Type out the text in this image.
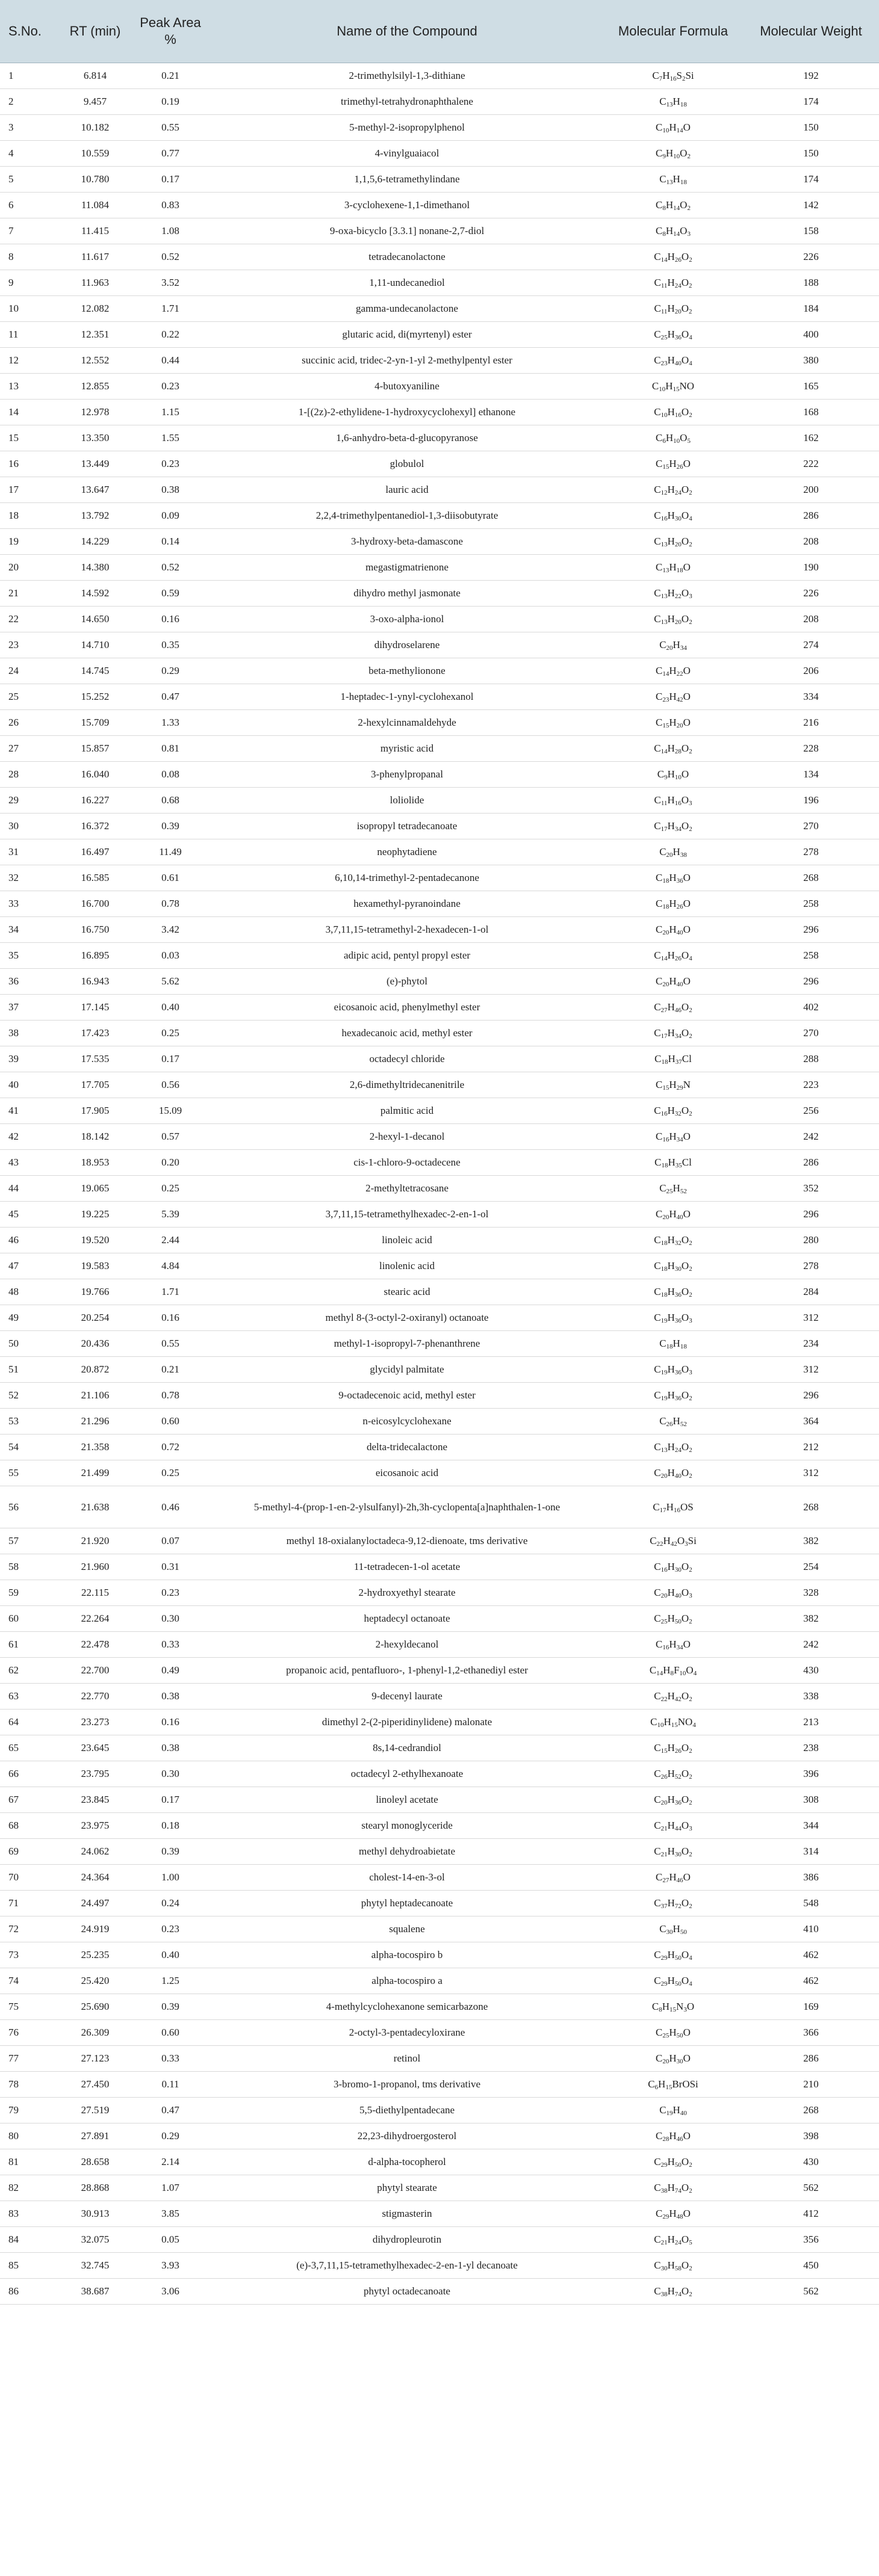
S.No.	RT (min)	Peak Area %	Name of the Compound	Molecular Formula	Molecular Weight
1	6.814	0.21	2-trimethylsilyl-1,3-dithiane	$C_7H_{16}S_2Si$	192
2	9.457	0.19	trimethyl-tetrahydronaphthalene	$C_{13}H_{18}$	174
3	10.182	0.55	5-methyl-2-isopropylphenol	$C_{10}H_{14}O$	150
4	10.559	0.77	4-vinylguaiacol	$C_9H_{10}O_2$	150
5	10.780	0.17	1,1,5,6-tetramethylindane	$C_{13}H_{18}$	174
6	11.084	0.83	3-cyclohexene-1,1-dimethanol	$C_8H_{14}O_2$	142
7	11.415	1.08	9-oxa-bicyclo [3.3.1] nonane-2,7-diol	$C_8H_{14}O_3$	158
8	11.617	0.52	tetradecanolactone	$C_{14}H_{26}O_2$	226
9	11.963	3.52	1,11-undecanediol	$C_{11}H_{24}O_2$	188
10	12.082	1.71	gamma-undecanolactone	$C_{11}H_{20}O_2$	184
11	12.351	0.22	glutaric acid, di(myrtenyl) ester	$C_{25}H_{36}O_4$	400
12	12.552	0.44	succinic acid, tridec-2-yn-1-yl 2-methylpentyl ester	$C_{23}H_{40}O_4$	380
13	12.855	0.23	4-butoxyaniline	$C_{10}H_{15}NO$	165
14	12.978	1.15	1-[(2z)-2-ethylidene-1-hydroxycyclohexyl] ethanone	$C_{10}H_{16}O_2$	168
15	13.350	1.55	1,6-anhydro-beta-d-glucopyranose	$C_6H_{10}O_5$	162
16	13.449	0.23	globulol	$C_{15}H_{26}O$	222
17	13.647	0.38	lauric acid	$C_{12}H_{24}O_2$	200
18	13.792	0.09	2,2,4-trimethylpentanediol-1,3-diisobutyrate	$C_{16}H_{30}O_4$	286
19	14.229	0.14	3-hydroxy-beta-damascone	$C_{13}H_{20}O_2$	208
20	14.380	0.52	megastigmatrienone	$C_{13}H_{18}O$	190
21	14.592	0.59	dihydro methyl jasmonate	$C_{13}H_{22}O_3$	226
22	14.650	0.16	3-oxo-alpha-ionol	$C_{13}H_{20}O_2$	208
23	14.710	0.35	dihydroselarene	$C_{20}H_{34}$	274
24	14.745	0.29	beta-methylionone	$C_{14}H_{22}O$	206
25	15.252	0.47	1-heptadec-1-ynyl-cyclohexanol	$C_{23}H_{42}O$	334
26	15.709	1.33	2-hexylcinnamaldehyde	$C_{15}H_{20}O$	216
27	15.857	0.81	myristic acid	$C_{14}H_{28}O_2$	228
28	16.040	0.08	3-phenylpropanal	$C_9H_{10}O$	134
29	16.227	0.68	loliolide	$C_{11}H_{16}O_3$	196
30	16.372	0.39	isopropyl tetradecanoate	$C_{17}H_{34}O_2$	270
31	16.497	11.49	neophytadiene	$C_{20}H_{38}$	278
32	16.585	0.61	6,10,14-trimethyl-2-pentadecanone	$C_{18}H_{36}O$	268
33	16.700	0.78	hexamethyl-pyranoindane	$C_{18}H_{26}O$	258
34	16.750	3.42	3,7,11,15-tetramethyl-2-hexadecen-1-ol	$C_{20}H_{40}O$	296
35	16.895	0.03	adipic acid, pentyl propyl ester	$C_{14}H_{26}O_4$	258
36	16.943	5.62	(e)-phytol	$C_{20}H_{40}O$	296
37	17.145	0.40	eicosanoic acid, phenylmethyl ester	$C_{27}H_{46}O_2$	402
38	17.423	0.25	hexadecanoic acid, methyl ester	$C_{17}H_{34}O_2$	270
39	17.535	0.17	octadecyl chloride	$C_{18}H_{37}Cl$	288
40	17.705	0.56	2,6-dimethyltridecanenitrile	$C_{15}H_{29}N$	223
41	17.905	15.09	palmitic acid	$C_{16}H_{32}O_2$	256
42	18.142	0.57	2-hexyl-1-decanol	$C_{16}H_{34}O$	242
43	18.953	0.20	cis-1-chloro-9-octadecene	$C_{18}H_{35}Cl$	286
44	19.065	0.25	2-methyltetracosane	$C_{25}H_{52}$	352
45	19.225	5.39	3,7,11,15-tetramethylhexadec-2-en-1-ol	$C_{20}H_{40}O$	296
46	19.520	2.44	linoleic acid	$C_{18}H_{32}O_2$	280
47	19.583	4.84	linolenic acid	$C_{18}H_{30}O_2$	278
48	19.766	1.71	stearic acid	$C_{18}H_{36}O_2$	284
49	20.254	0.16	methyl 8-(3-octyl-2-oxiranyl) octanoate	$C_{19}H_{36}O_3$	312
50	20.436	0.55	methyl-1-isopropyl-7-phenanthrene	$C_{18}H_{18}$	234
51	20.872	0.21	glycidyl palmitate	$C_{19}H_{36}O_3$	312
52	21.106	0.78	9-octadecenoic acid, methyl ester	$C_{19}H_{36}O_2$	296
53	21.296	0.60	n-eicosylcyclohexane	$C_{26}H_{52}$	364
54	21.358	0.72	delta-tridecalactone	$C_{13}H_{24}O_2$	212
55	21.499	0.25	eicosanoic acid	$C_{20}H_{40}O_2$	312
56	21.638	0.46	5-methyl-4-(prop-1-en-2-ylsulfanyl)-2h,3h-cyclopenta[a]naphthalen-1-one	$C_{17}H_{16}OS$	268
57	21.920	0.07	methyl 18-oxialanyloctadeca-9,12-dienoate, tms derivative	$C_{22}H_{42}O_3Si$	382
58	21.960	0.31	11-tetradecen-1-ol acetate	$C_{16}H_{30}O_2$	254
59	22.115	0.23	2-hydroxyethyl stearate	$C_{20}H_{40}O_3$	328
60	22.264	0.30	heptadecyl octanoate	$C_{25}H_{50}O_2$	382
61	22.478	0.33	2-hexyldecanol	$C_{16}H_{34}O$	242
62	22.700	0.49	propanoic acid, pentafluoro-, 1-phenyl-1,2-ethanediyl ester	$C_{14}H_8F_{10}O_4$	430
63	22.770	0.38	9-decenyl laurate	$C_{22}H_{42}O_2$	338
64	23.273	0.16	dimethyl 2-(2-piperidinylidene) malonate	$C_{10}H_{15}NO_4$	213
65	23.645	0.38	8s,14-cedrandiol	$C_{15}H_{26}O_2$	238
66	23.795	0.30	octadecyl 2-ethylhexanoate	$C_{26}H_{52}O_2$	396
67	23.845	0.17	linoleyl acetate	$C_{20}H_{36}O_2$	308
68	23.975	0.18	stearyl monoglyceride	$C_{21}H_{44}O_3$	344
69	24.062	0.39	methyl dehydroabietate	$C_{21}H_{30}O_2$	314
70	24.364	1.00	cholest-14-en-3-ol	$C_{27}H_{46}O$	386
71	24.497	0.24	phytyl heptadecanoate	$C_{37}H_{72}O_2$	548
72	24.919	0.23	squalene	$C_{30}H_{50}$	410
73	25.235	0.40	alpha-tocospiro b	$C_{29}H_{50}O_4$	462
74	25.420	1.25	alpha-tocospiro a	$C_{29}H_{50}O_4$	462
75	25.690	0.39	4-methylcyclohexanone semicarbazone	$C_8H_{15}N_3O$	169
76	26.309	0.60	2-octyl-3-pentadecyloxirane	$C_{25}H_{50}O$	366
77	27.123	0.33	retinol	$C_{20}H_{30}O$	286
78	27.450	0.11	3-bromo-1-propanol, tms derivative	$C_6H_{15}BrOSi$	210
79	27.519	0.47	5,5-diethylpentadecane	$C_{19}H_{40}$	268
80	27.891	0.29	22,23-dihydroergosterol	$C_{28}H_{46}O$	398
81	28.658	2.14	d-alpha-tocopherol	$C_{29}H_{50}O_2$	430
82	28.868	1.07	phytyl stearate	$C_{38}H_{74}O_2$	562
83	30.913	3.85	stigmasterin	$C_{29}H_{48}O$	412
84	32.075	0.05	dihydropleurotin	$C_{21}H_{24}O_5$	356
85	32.745	3.93	(e)-3,7,11,15-tetramethylhexadec-2-en-1-yl decanoate	$C_{30}H_{58}O_2$	450
86	38.687	3.06	phytyl octadecanoate	$C_{38}H_{74}O_2$	562
